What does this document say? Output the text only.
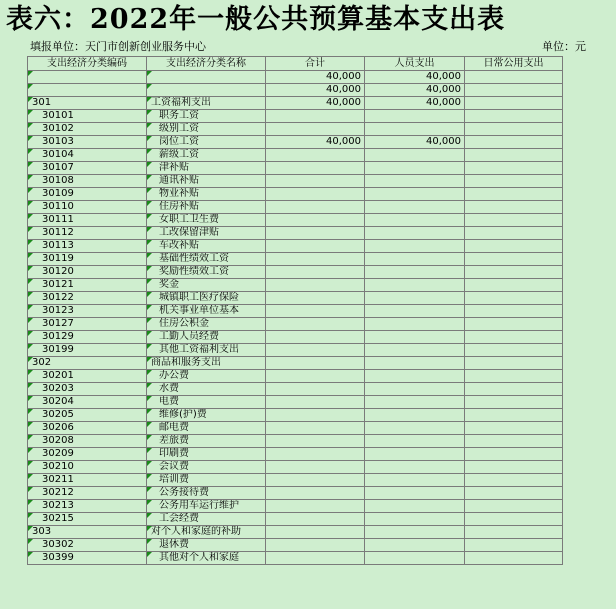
表六：2022年一般公共预算基本支出表
填报单位：天门市创新创业服务中心	单位：元
支出经济分类编码	支出经济分类名称	合计	人员支出	日常公用支出
		40,000	40,000	
		40,000	40,000	
301	工资福利支出	40,000	40,000	
30101	职务工资			
30102	级别工资			
30103	岗位工资	40,000	40,000	
30104	薪级工资			
30107	津补贴			
30108	通讯补贴			
30109	物业补贴			
30110	住房补贴			
30111	女职工卫生费			
30112	工改保留津贴			
30113	车改补贴			
30119	基础性绩效工资			
30120	奖励性绩效工资			
30121	奖金			
30122	城镇职工医疗保险			
30123	机关事业单位基本			
30127	住房公积金			
30129	工勤人员经费			
30199	其他工资福利支出			
302	商品和服务支出			
30201	办公费			
30203	水费			
30204	电费			
30205	维修(护)费			
30206	邮电费			
30208	差旅费			
30209	印刷费			
30210	会议费			
30211	培训费			
30212	公务接待费			
30213	公务用车运行维护			
30215	工会经费			
303	对个人和家庭的补助			
30302	退休费			
30399	其他对个人和家庭			
